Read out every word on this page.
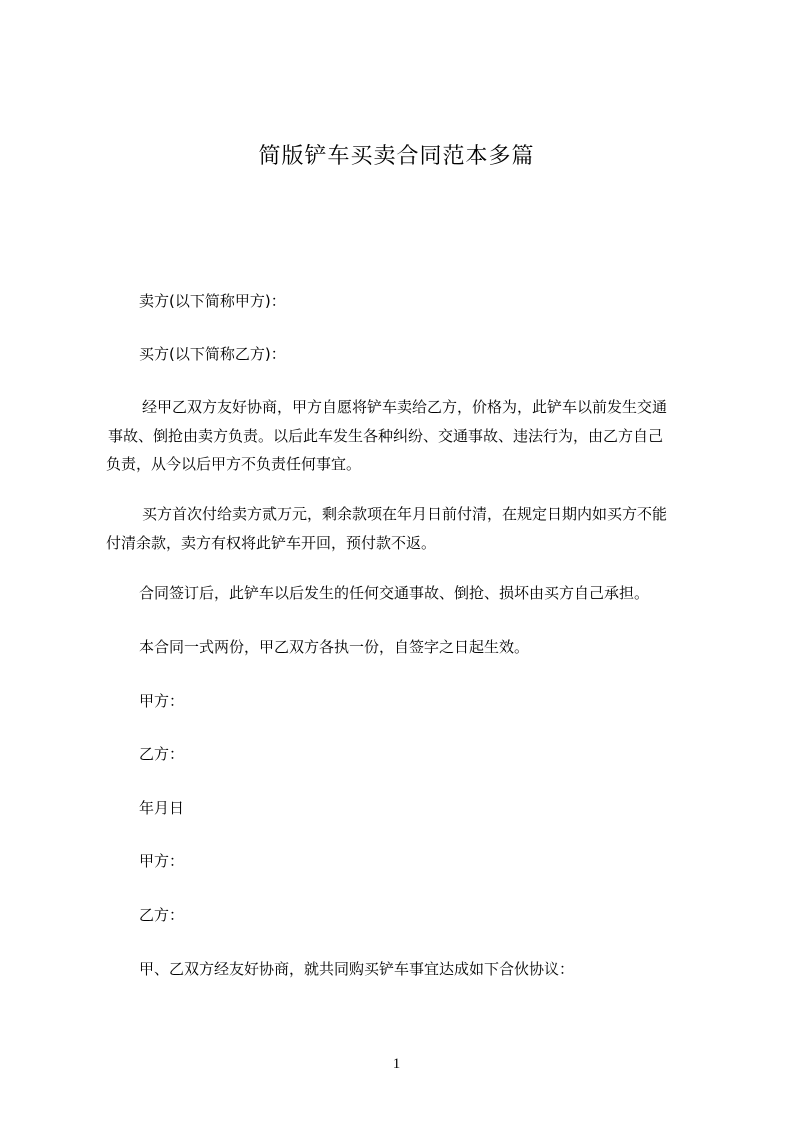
简版铲车买卖合同范本多篇

卖方(以下简称甲方)：

买方(以下简称乙方)：

经甲乙双方友好协商，甲方自愿将铲车卖给乙方，价格为，此铲车以前发生交通
事故、倒抢由卖方负责。以后此车发生各种纠纷、交通事故、违法行为，由乙方自己
负责，从今以后甲方不负责任何事宜。
买方首次付给卖方贰万元，剩余款项在年月日前付清，在规定日期内如买方不能
付清余款，卖方有权将此铲车开回，预付款不返。

合同签订后，此铲车以后发生的任何交通事故、倒抢、损坏由买方自己承担。

本合同一式两份，甲乙双方各执一份，自签字之日起生效。

甲方：

乙方：

年月日

甲方：

乙方：

甲、乙双方经友好协商，就共同购买铲车事宜达成如下合伙协议：

1
